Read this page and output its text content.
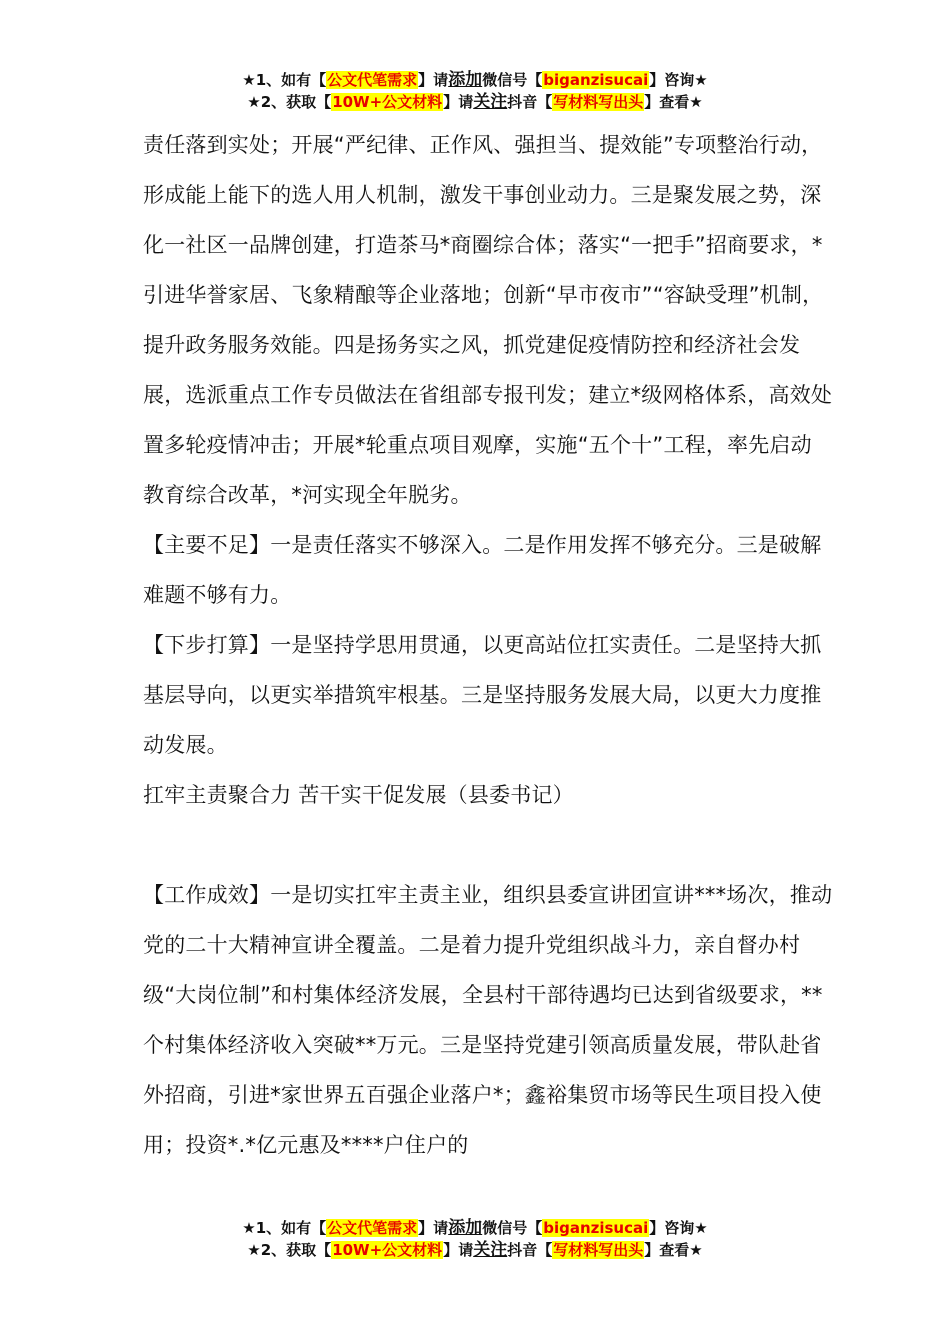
★1、如有【公文代笔需求】请添加微信号【biganzisucai】咨询★
★2、获取【10W+公文材料】请关注抖音【写材料写出头】查看★

责任落到实处；开展“严纪律、正作风、强担当、提效能”专项整治行动，形成能上能下的选人用人机制，激发干事创业动力。三是聚发展之势，深化一社区一品牌创建，打造茶马*商圈综合体；落实“一把手”招商要求，*引进华誉家居、飞象精酿等企业落地；创新“早市夜市”“容缺受理”机制，提升政务服务效能。四是扬务实之风，抓党建促疫情防控和经济社会发展，选派重点工作专员做法在省组部专报刊发；建立*级网格体系，高效处置多轮疫情冲击；开展*轮重点项目观摩，实施“五个十”工程，率先启动教育综合改革，*河实现全年脱劣。

【主要不足】一是责任落实不够深入。二是作用发挥不够充分。三是破解难题不够有力。

【下步打算】一是坚持学思用贯通，以更高站位扛实责任。二是坚持大抓基层导向，以更实举措筑牢根基。三是坚持服务发展大局，以更大力度推动发展。

扛牢主责聚合力 苦干实干促发展（县委书记）

【工作成效】一是切实扛牢主责主业，组织县委宣讲团宣讲***场次，推动党的二十大精神宣讲全覆盖。二是着力提升党组织战斗力，亲自督办村级“大岗位制”和村集体经济发展，全县村干部待遇均已达到省级要求，**个村集体经济收入突破**万元。三是坚持党建引领高质量发展，带队赴省外招商，引进*家世界五百强企业落户*；鑫裕集贸市场等民生项目投入使用；投资*.*亿元惠及****户住户的

★1、如有【公文代笔需求】请添加微信号【biganzisucai】咨询★
★2、获取【10W+公文材料】请关注抖音【写材料写出头】查看★
